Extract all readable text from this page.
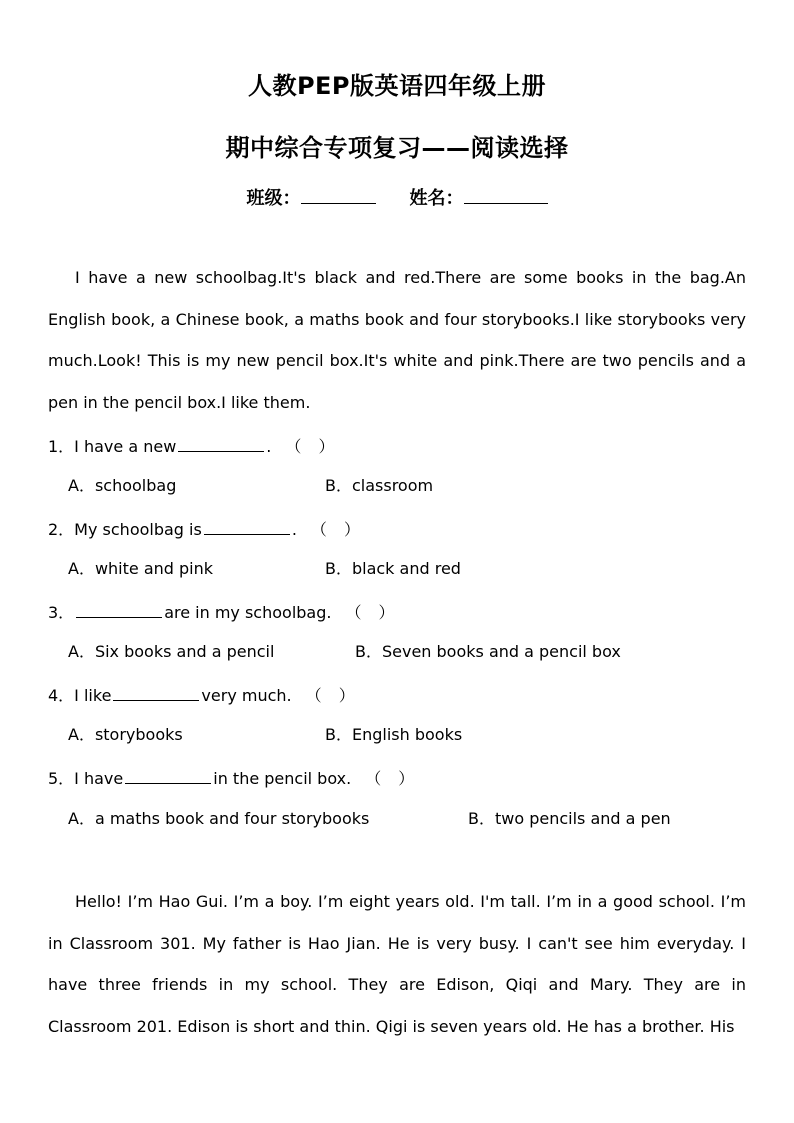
人教PEP版英语四年级上册
期中综合专项复习——阅读选择
班级：	姓名：
I have a new schoolbag.It's black and red.There are some books in the bag.An English book, a Chinese book, a maths book and four storybooks.I like storybooks very much.Look! This is my new pencil box.It's white and pink.There are two pencils and a pen in the pencil box.I like them.
1．I have a new	. （ ）
A．schoolbag	B．classroom
2．My schoolbag is	. （ ）
A．white and pink	B．black and red
3．	are in my schoolbag. （ ）
A．Six books and a pencil	B．Seven books and a pencil box
4．I like	very much. （ ）
A．storybooks	B．English books
5．I have	in the pencil box. （ ）
A．a maths book and four storybooks	B．two pencils and a pen
Hello! I’m Hao Gui. I’m a boy. I’m eight years old. I'm tall. I’m in a good school. I’m in Classroom 301. My father is Hao Jian. He is very busy. I can't see him everyday. I have three friends in my school. They are Edison, Qiqi and Mary. They are in Classroom 201. Edison is short and thin. Qigi is seven years old. He has a brother. His
